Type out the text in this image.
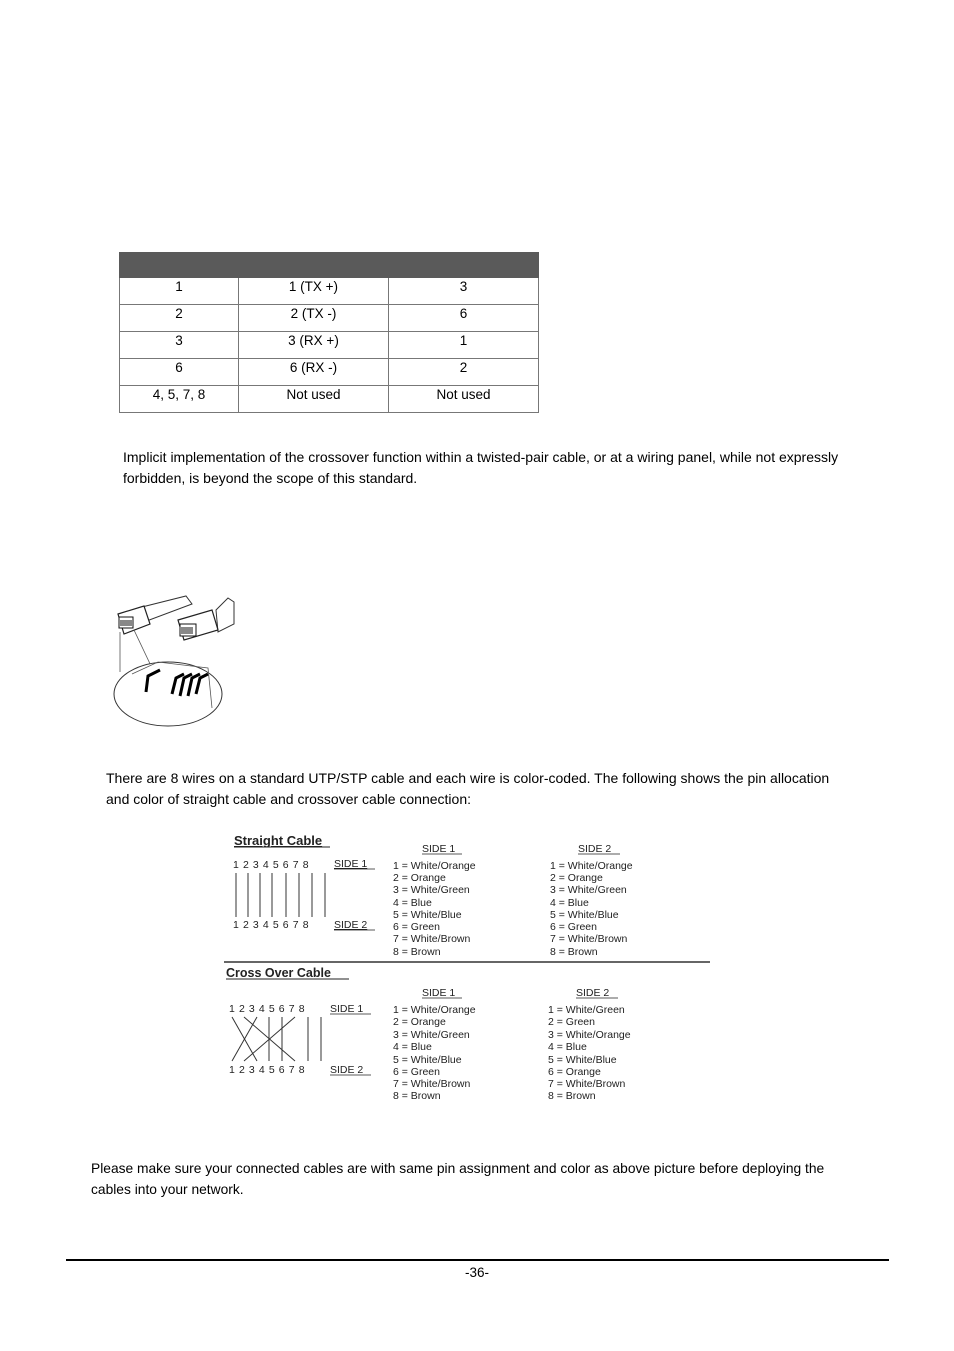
1	1 (TX +)	3
2	2 (TX -)	6
3	3 (RX +)	1
6	6 (RX -)	2
4, 5, 7, 8	Not used	Not used
Implicit implementation of the crossover function within a twisted-pair cable, or at a wiring panel, while not expressly
forbidden, is beyond the scope of this standard.
There are 8 wires on a standard UTP/STP cable and each wire is color-coded. The following shows the pin allocation
and color of straight cable and crossover cable connection:
Straight Cable
1 2 3 4 5 6 7 8 SIDE 1
1 2 3 4 5 6 7 8 SIDE 2
SIDE 1	SIDE 2
1 = White/Orange
2 = Orange
3 = White/Green
4 = Blue
5 = White/Blue
6 = Green
7 = White/Brown
8 = Brown
1 = White/Orange
2 = Orange
3 = White/Green
4 = Blue
5 = White/Blue
6 = Green
7 = White/Brown
8 = Brown
Cross Over Cable
1 2 3 4 5 6 7 8 SIDE 1
1 2 3 4 5 6 7 8 SIDE 2
SIDE 1	SIDE 2
1 = White/Orange
2 = Orange
3 = White/Green
4 = Blue
5 = White/Blue
6 = Green
7 = White/Brown
8 = Brown
1 = White/Green
2 = Green
3 = White/Orange
4 = Blue
5 = White/Blue
6 = Orange
7 = White/Brown
8 = Brown
Please make sure your connected cables are with same pin assignment and color as above picture before deploying the
cables into your network.
-36-
